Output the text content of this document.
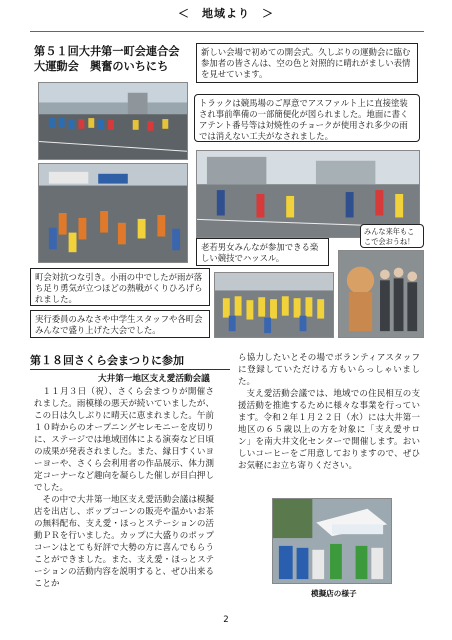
＜　地域より　＞
第５１回大井第一町会連合会
大運動会　興奮のいちにち
新しい会場で初めての開会式。久しぶりの運動会に臨む参加者の皆さんは、空の色と対照的に晴れがましい表情を見せています。
トラックは競馬場のご厚意でアスファルト上に直接塗装され事前準備の一部簡便化が図られました。地面に書くアテント番号等は対焼性のチョークが使用され多少の雨では消えない工夫がなされました。
老若男女みんなが参加できる楽しい競技でハッスル。
みんな来年もここで会おうね！
町会対抗つな引き。小雨の中でしたが雨が落ち足り勇気が立つほどの熱戦がくりひろげられました。
実行委員のみなさや中学生スタッフや各町会みんなで盛り上げた大会でした。
第１８回さくら会まつりに参加
大井第一地区支え愛活動会議

１１月３日（祝）、さくら会まつりが開催されました。雨模様の悪天が続いていましたが、この日は久しぶりに晴天に恵まれました。午前１０時からのオープニングセレモニーを皮切りに、ステージでは地域団体による演奏など日頃の成果が発表されました。また、縁日すくいヨーヨーや、さくら会利用者の作品展示、体力測定コーナーなど趣向を凝らした催しが目白押しでした。

その中で大井第一地区支え愛活動会議は模擬店を出店し、ポップコーンの販売や温かいお茶の無料配布、支え愛・ほっとステーションの活動ＰＲを行いました。カップに大盛りのポップコーンはとても好評で大勢の方に喜んでもらうことができました。また、支え愛・ほっとステーションの活動内容を説明すると、ぜひ出来ることか

ら協力したいとその場でボランティアスタッフに登録していただける方もいらっしゃいました。

支え愛活動会議では、地域での住民相互の支援活動を推進するために様々な事業を行っています。令和２年１月２２日（水）には大井第一地区の６５歳以上の方を対象に「支え愛サロン」を南大井文化センターで開催します。おいしいコーヒーをご用意しておりますので、ぜひお気軽にお立ち寄りください。

模擬店の様子
2
